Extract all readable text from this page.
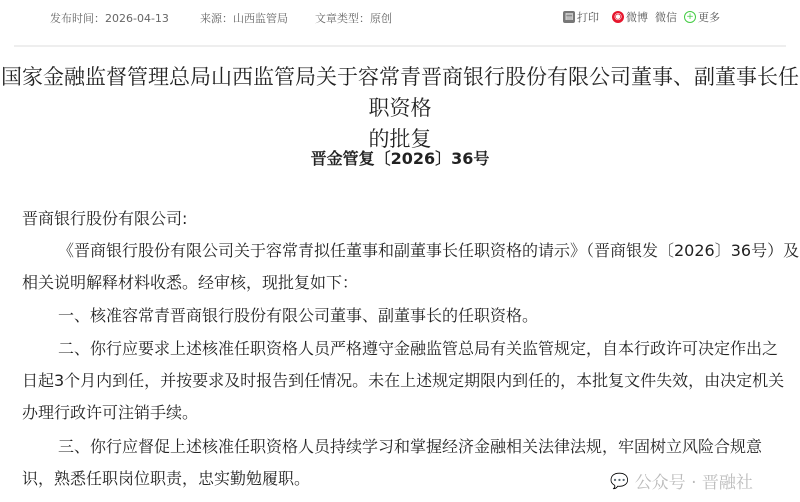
发布时间：2026-04-13	来源：山西监管局 文章类型：原创	▤ 打印 ◉ 微博 微信 + 更多
国家金融监督管理总局山西监管局关于容常青晋商银行股份有限公司董事、副董事长任职资格
的批复
晋金管复〔2026〕36号
晋商银行股份有限公司:
《晋商银行股份有限公司关于容常青拟任董事和副董事长任职资格的请示》（晋商银发〔2026〕36号）及
相关说明解释材料收悉。经审核，现批复如下：
一、核准容常青晋商银行股份有限公司董事、副董事长的任职资格。
二、你行应要求上述核准任职资格人员严格遵守金融监管总局有关监管规定，自本行政许可决定作出之
日起3个月内到任，并按要求及时报告到任情况。未在上述规定期限内到任的，本批复文件失效，由决定机关
办理行政许可注销手续。
三、你行应督促上述核准任职资格人员持续学习和掌握经济金融相关法律法规，牢固树立风险合规意
识，熟悉任职岗位职责，忠实勤勉履职。	💬 公众号 · 晋融社
